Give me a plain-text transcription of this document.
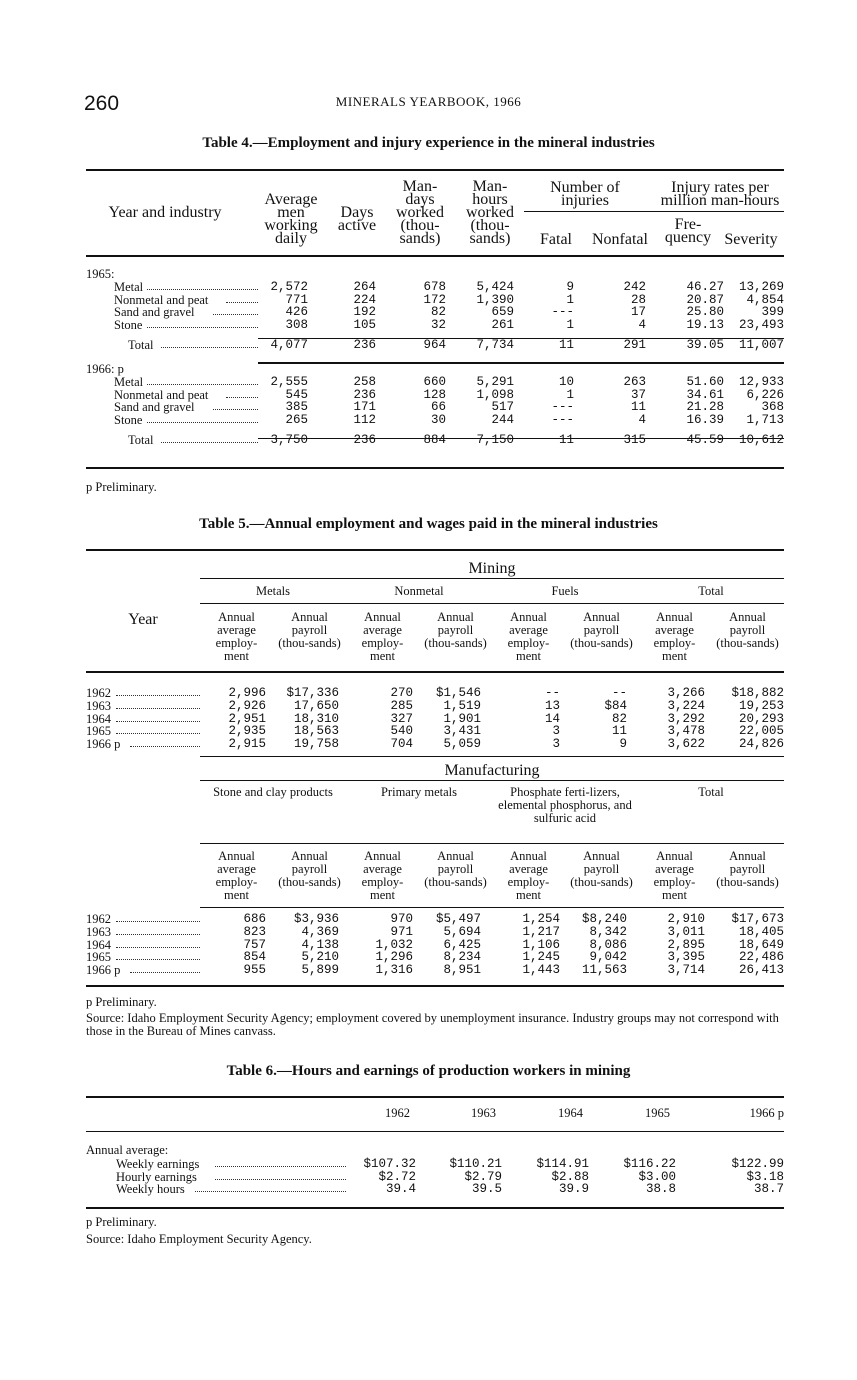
260	MINERALS YEARBOOK, 1966
Table 4.—Employment and injury experience in the mineral industries
Year and industry
Average men working daily
Days active
Man-days worked (thou-sands)
Man-hours worked (thou-sands)
Number of injuries
Fatal	Nonfatal
Injury rates per million man-hours
Fre-quency Severity
1965:
Metal	2,572	264	678 5,424	9	242	46.27 13,269
Nonmetal and peat	771	224	172 1,390	1	28	20.87 4,854
Sand and gravel	426	192	82	659	---	17	25.80	399
Stone	308	105	32	261	1	4	19.13 23,493
Total	4,077	236	964 7,734	11	291	39.05 11,007
1966: p
Metal	2,555	258	660 5,291	10	263	51.60 12,933
Nonmetal and peat	545	236	128 1,098	1	37	34.61 6,226
Sand and gravel	385	171	66	517	---	11	21.28	368
Stone	265	112	30	244	---	4	16.39 1,713
Total	3,750	236	884 7,150	11	315	45.59 10,612
p Preliminary.
Table 5.—Annual employment and wages paid in the mineral industries
Mining
Metals	Nonmetal	Fuels	Total
Year	Annual average employ-ment
Annual payroll (thou-sands)
Annual average employ-ment
Annual payroll (thou-sands)
Annual average employ-ment
Annual payroll (thou-sands)
Annual average employ-ment
Annual payroll (thou-sands)
1962	2,996 $17,336	270 $1,546	--	--	3,266 $18,882
1963	2,926 17,650	285 1,519	13	$84	3,224	19,253
1964	2,951 18,310	327 1,901	14	82	3,292	20,293
1965	2,935 18,563	540 3,431	3	11	3,478	22,005
1966 p	2,915 19,758	704 5,059	3	9	3,622	24,826
Manufacturing
Stone and clay products	Primary metals	Phosphate ferti-lizers, elemental phosphorus, and sulfuric acid
Total
Annual average employ-ment
Annual payroll (thou-sands)
Annual average employ-ment
Annual payroll (thou-sands)
Annual average employ-ment
Annual payroll (thou-sands)
Annual average employ-ment
Annual payroll (thou-sands)
1962	686 $3,936	970 $5,497	1,254 $8,240	2,910 $17,673
1963	823	4,369	971 5,694	1,217 8,342	3,011	18,405
1964	757	4,138	1,032 6,425	1,106 8,086	2,895	18,649
1965	854	5,210	1,296 8,234	1,245 9,042	3,395	22,486
1966 p	955	5,899	1,316 8,951	1,443 11,563	3,714	26,413
p Preliminary.
Source: Idaho Employment Security Agency; employment covered by unemployment insurance. Industry groups may not correspond with those in the Bureau of Mines canvass.
Table 6.—Hours and earnings of production workers in mining
1962	1963	1964	1965	1966 p
Annual average:
Weekly earnings	$107.32	$110.21	$114.91	$116.22	$122.99
Hourly earnings	$2.72	$2.79	$2.88	$3.00	$3.18
Weekly hours	39.4	39.5	39.9	38.8	38.7
p Preliminary.
Source: Idaho Employment Security Agency.
